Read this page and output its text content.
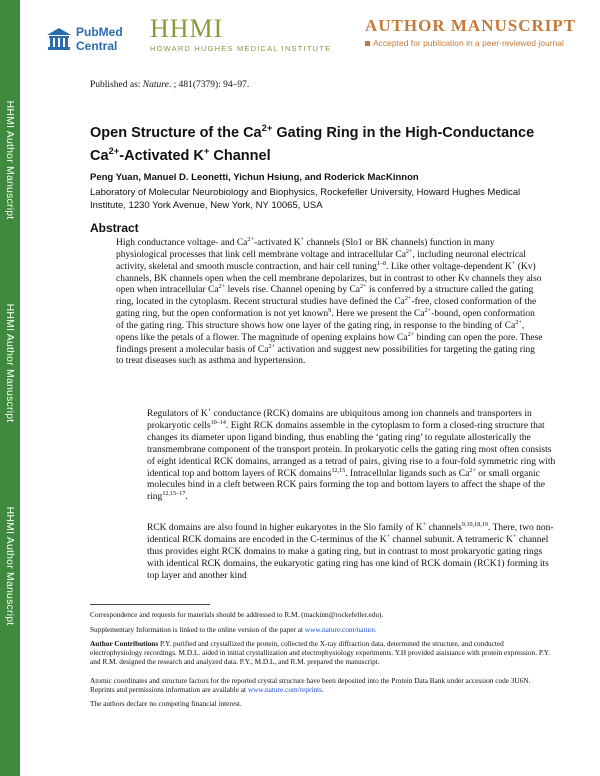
HHMI Author Manuscript
HHMI Author Manuscript
HHMI Author Manuscript
PubMed
Central
HHMI
HOWARD HUGHES MEDICAL INSTITUTE
AUTHOR MANUSCRIPT
Accepted for publication in a peer-reviewed journal
Published as: Nature. ; 481(7379): 94–97.
Open Structure of the $Ca^{2+}$ Gating Ring in the High-Conductance $Ca^{2+}$-Activated K+ Channel
Peng Yuan, Manuel D. Leonetti, Yichun Hsiung, and Roderick MacKinnon
Laboratory of Molecular Neurobiology and Biophysics, Rockefeller University, Howard Hughes Medical Institute, 1230 York Avenue, New York, NY 10065, USA
Abstract
High conductance voltage- and $Ca^{2+}$-activated K+ channels (Slo1 or BK channels) function in many physiological processes that link cell membrane voltage and intracellular $Ca^{2+}$, including neuronal electrical activity, skeletal and smooth muscle contraction, and hair cell tuning$^{1-8}$. Like other voltage-dependent K+ (Kv) channels, BK channels open when the cell membrane depolarizes, but in contrast to other Kv channels they also open when intracellular $Ca^{2+}$ levels rise. Channel opening by $Ca^{2+}$ is conferred by a structure called the gating ring, located in the cytoplasm. Recent structural studies have defined the $Ca^{2+}$-free, closed conformation of the gating ring, but the open conformation is not yet known$^9$. Here we present the $Ca^{2+}$-bound, open conformation of the gating ring. This structure shows how one layer of the gating ring, in response to the binding of $Ca^{2+}$, opens like the petals of a flower. The magnitude of opening explains how $Ca^{2+}$ binding can open the pore. These findings present a molecular basis of $Ca^{2+}$ activation and suggest new possibilities for targeting the gating ring to treat diseases such as asthma and hypertension.
Regulators of K+ conductance (RCK) domains are ubiquitous among ion channels and transporters in prokaryotic cells$^{10-14}$. Eight RCK domains assemble in the cytoplasm to form a closed-ring structure that changes its diameter upon ligand binding, thus enabling the ‘gating ring’ to regulate allosterically the transmembrane component of the transport protein. In prokaryotic cells the gating ring most often consists of eight identical RCK domains, arranged as a tetrad of pairs, giving rise to a four-fold symmetric ring with identical top and bottom layers of RCK domains$^{12,15}$. Intracellular ligands such as $Ca^{2+}$ or small organic molecules bind in a cleft between RCK pairs forming the top and bottom layers to affect the shape of the ring$^{12,15-17}$.
RCK domains are also found in higher eukaryotes in the Slo family of K+ channels$^{9,10,18,19}$. There, two non-identical RCK domains are encoded in the C-terminus of the K+ channel subunit. A tetrameric K+ channel thus provides eight RCK domains to make a gating ring, but in contrast to most prokaryotic gating rings with identical RCK domains, the eukaryotic gating ring has one kind of RCK domain (RCK1) forming its top layer and another kind
Correspondence and requests for materials should be addressed to R.M. (mackinn@rockefeller.edu).
Supplementary Information is linked to the online version of the paper at www.nature.com/nature.
Author Contributions P.Y. purified and crystallized the protein, collected the X-ray diffraction data, determined the structure, and conducted electrophysiology recordings. M.D.L. aided in initial crystallization and electrophysiology experiments. Y.H provided assistance with protein expression. P.Y. and R.M. designed the research and analyzed data. P.Y., M.D.L, and R.M. prepared the manuscript.
Atomic coordinates and structure factors for the reported crystal structure have been deposited into the Protein Data Bank under accession code 3U6N. Reprints and permissions information are available at www.nature.com/reprints.
The authors declare no competing financial interest.
